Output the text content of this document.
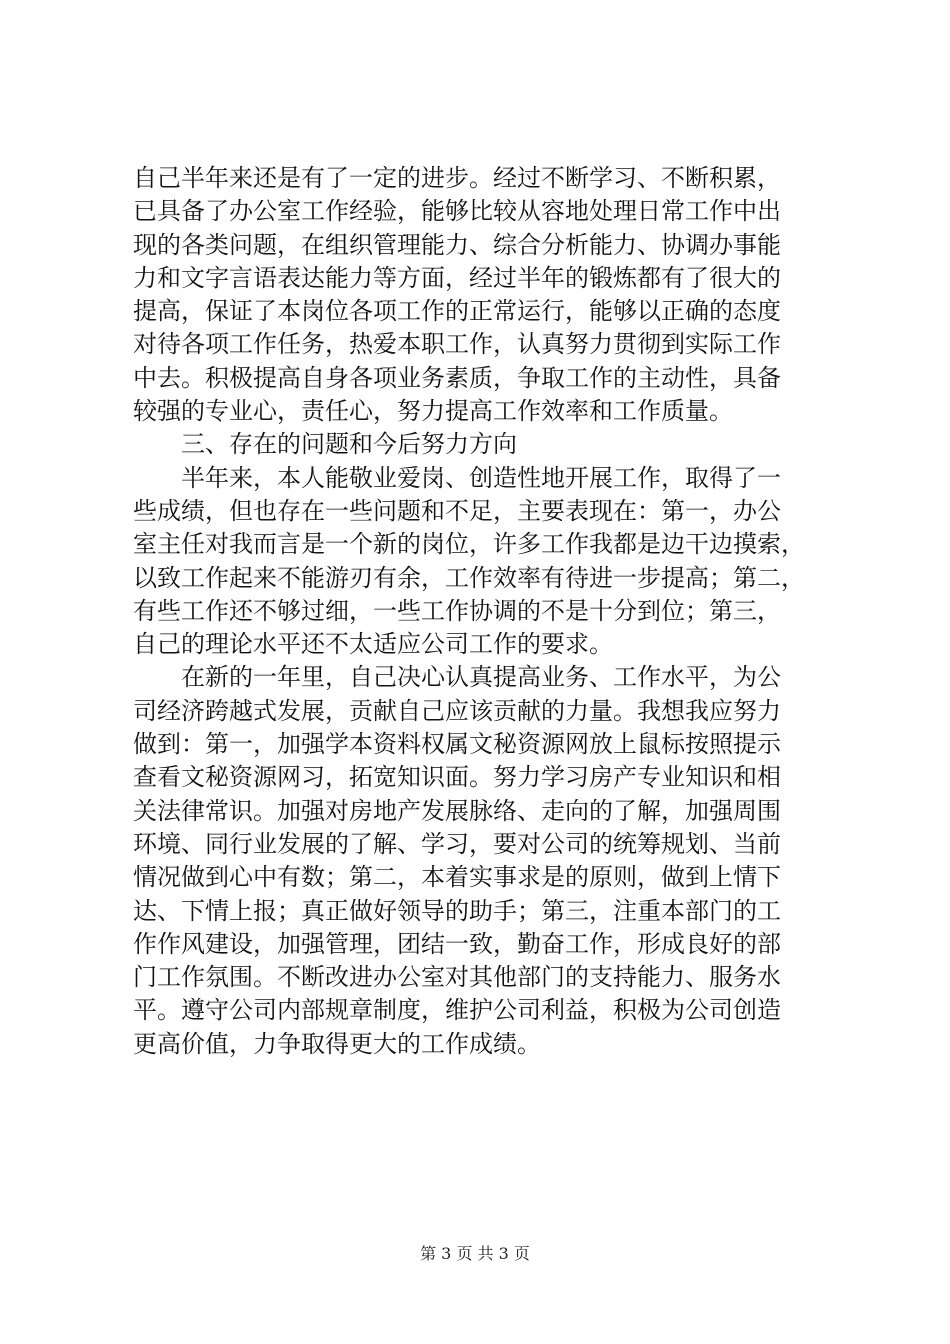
自己半年来还是有了一定的进步。经过不断学习、不断积累，
已具备了办公室工作经验，能够比较从容地处理日常工作中出
现的各类问题，在组织管理能力、综合分析能力、协调办事能
力和文字言语表达能力等方面，经过半年的锻炼都有了很大的
提高，保证了本岗位各项工作的正常运行，能够以正确的态度
对待各项工作任务，热爱本职工作，认真努力贯彻到实际工作
中去。积极提高自身各项业务素质，争取工作的主动性，具备
较强的专业心，责任心，努力提高工作效率和工作质量。
三、存在的问题和今后努力方向
半年来，本人能敬业爱岗、创造性地开展工作，取得了一
些成绩，但也存在一些问题和不足，主要表现在：第一，办公
室主任对我而言是一个新的岗位，许多工作我都是边干边摸索，
以致工作起来不能游刃有余，工作效率有待进一步提高；第二，
有些工作还不够过细，一些工作协调的不是十分到位；第三，
自己的理论水平还不太适应公司工作的要求。
在新的一年里，自己决心认真提高业务、工作水平，为公
司经济跨越式发展，贡献自己应该贡献的力量。我想我应努力
做到：第一，加强学本资料权属文秘资源网放上鼠标按照提示
查看文秘资源网习，拓宽知识面。努力学习房产专业知识和相
关法律常识。加强对房地产发展脉络、走向的了解，加强周围
环境、同行业发展的了解、学习，要对公司的统筹规划、当前
情况做到心中有数；第二，本着实事求是的原则，做到上情下
达、下情上报；真正做好领导的助手；第三，注重本部门的工
作作风建设，加强管理，团结一致，勤奋工作，形成良好的部
门工作氛围。不断改进办公室对其他部门的支持能力、服务水
平。遵守公司内部规章制度，维护公司利益，积极为公司创造
更高价值，力争取得更大的工作成绩。
第 3 页 共 3 页
